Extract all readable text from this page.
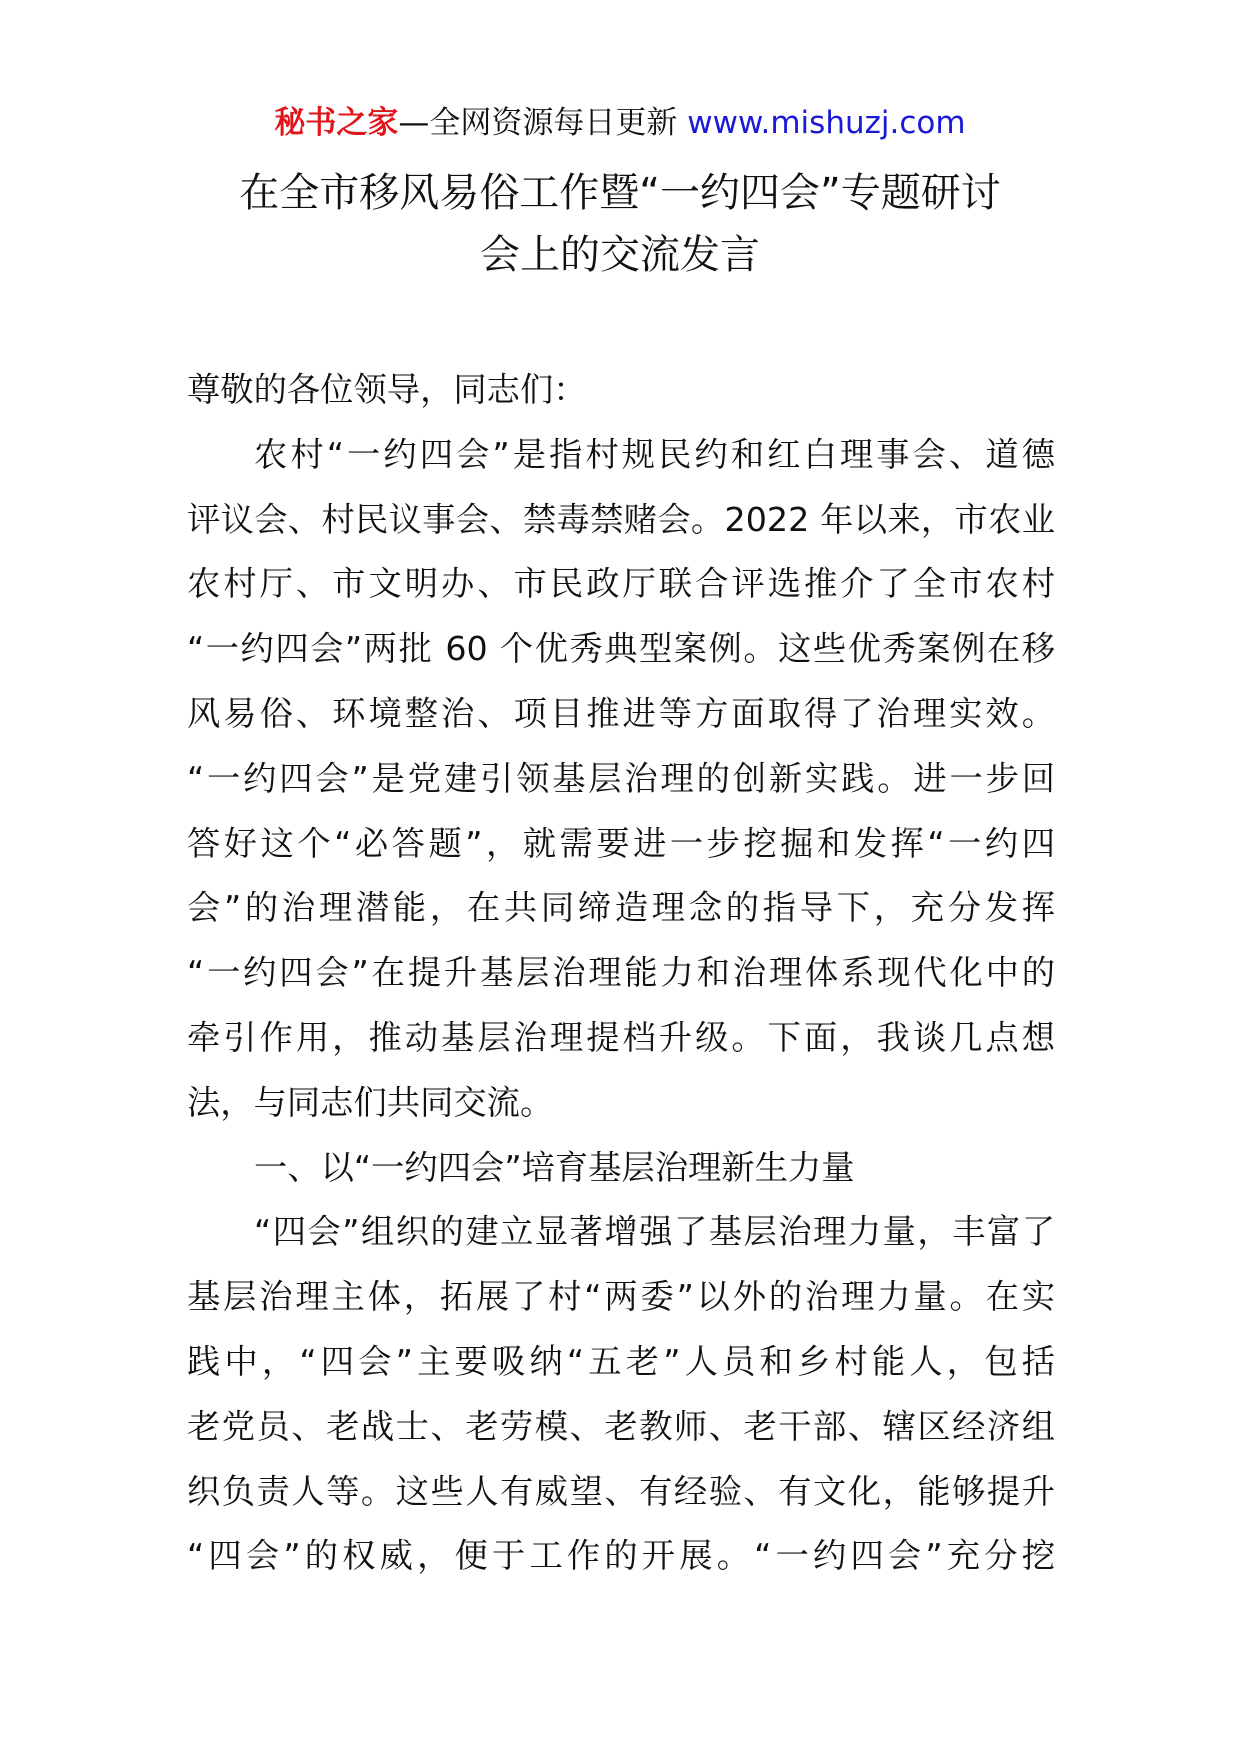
秘书之家—全网资源每日更新 www.mishuzj.com
在全市移风易俗工作暨“一约四会”专题研讨
会上的交流发言
尊敬的各位领导，同志们：
农村“一约四会”是指村规民约和红白理事会、道德
评议会、村民议事会、禁毒禁赌会。2022 年以来，市农业
农村厅、市文明办、市民政厅联合评选推介了全市农村
“一约四会”两批 60 个优秀典型案例。这些优秀案例在移
风易俗、环境整治、项目推进等方面取得了治理实效。
“一约四会”是党建引领基层治理的创新实践。进一步回
答好这个“必答题”，就需要进一步挖掘和发挥“一约四
会”的治理潜能，在共同缔造理念的指导下，充分发挥
“一约四会”在提升基层治理能力和治理体系现代化中的
牵引作用，推动基层治理提档升级。下面，我谈几点想
法，与同志们共同交流。
一、以“一约四会”培育基层治理新生力量
“四会”组织的建立显著增强了基层治理力量，丰富了
基层治理主体，拓展了村“两委”以外的治理力量。在实
践中，“四会”主要吸纳“五老”人员和乡村能人，包括
老党员、老战士、老劳模、老教师、老干部、辖区经济组
织负责人等。这些人有威望、有经验、有文化，能够提升
“四会”的权威，便于工作的开展。“一约四会”充分挖
